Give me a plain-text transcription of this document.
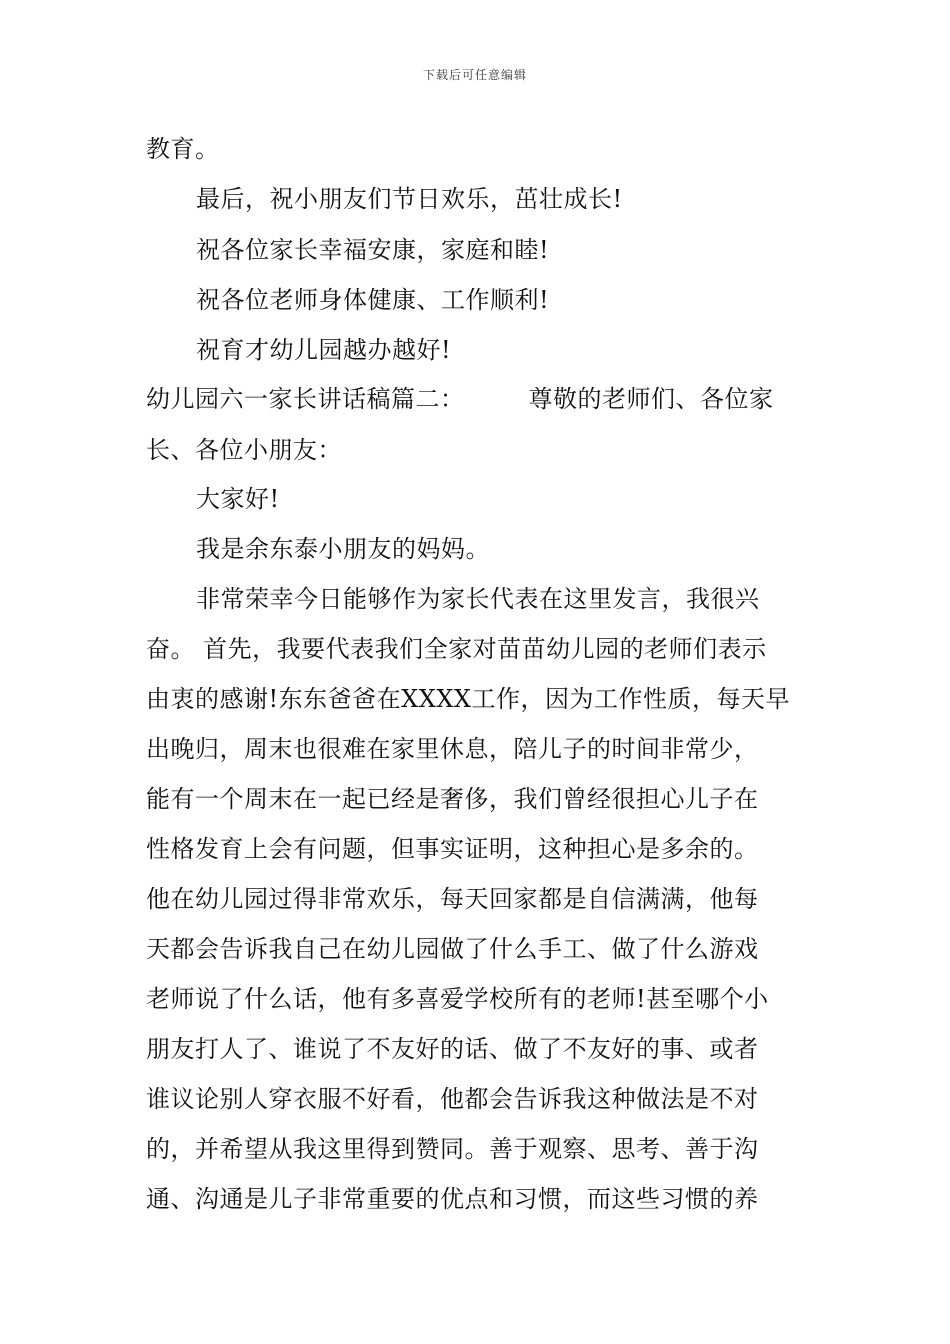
下载后可任意编辑
教育。
最后，祝小朋友们节日欢乐，茁壮成长!
祝各位家长幸福安康，家庭和睦!
祝各位老师身体健康、工作顺利!
祝育才幼儿园越办越好!
幼儿园六一家长讲话稿篇二：	尊敬的老师们、各位家
长、各位小朋友：
大家好!
我是余东泰小朋友的妈妈。
非常荣幸今日能够作为家长代表在这里发言，我很兴
奋。 首先，我要代表我们全家对苗苗幼儿园的老师们表示
由衷的感谢!东东爸爸在XXXX工作，因为工作性质，每天早
出晚归，周末也很难在家里休息，陪儿子的时间非常少，
能有一个周末在一起已经是奢侈，我们曾经很担心儿子在
性格发育上会有问题，但事实证明，这种担心是多余的。
他在幼儿园过得非常欢乐，每天回家都是自信满满，他每
天都会告诉我自己在幼儿园做了什么手工、做了什么游戏
老师说了什么话，他有多喜爱学校所有的老师!甚至哪个小
朋友打人了、谁说了不友好的话、做了不友好的事、或者
谁议论别人穿衣服不好看，他都会告诉我这种做法是不对
的，并希望从我这里得到赞同。善于观察、思考、善于沟
通、沟通是儿子非常重要的优点和习惯，而这些习惯的养
